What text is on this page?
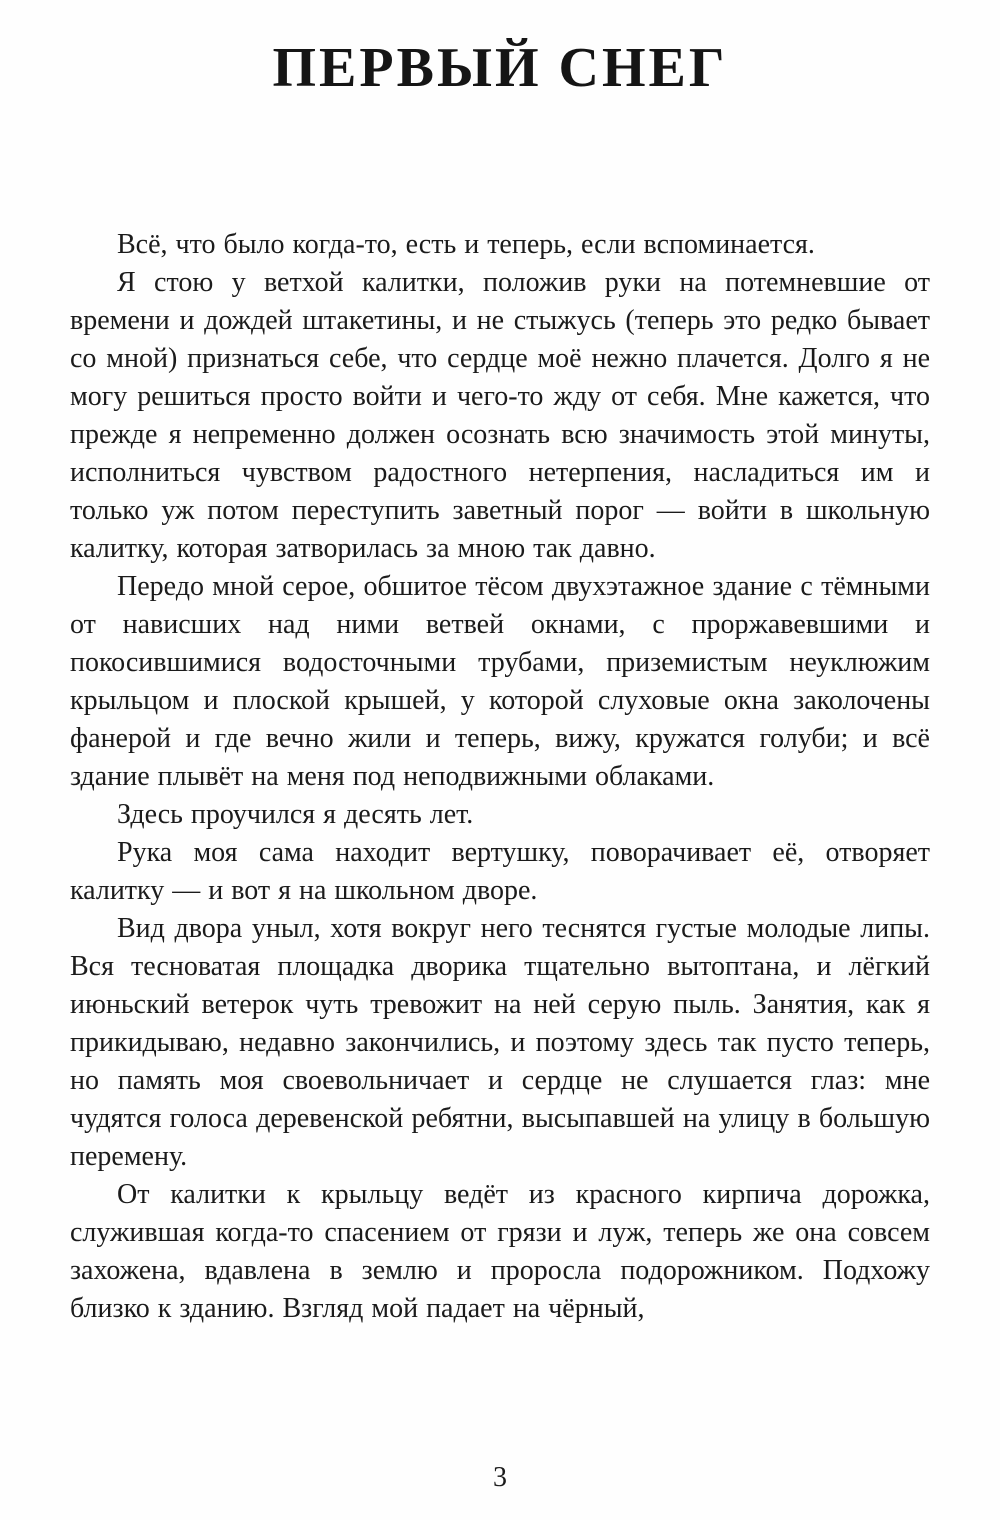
ПЕРВЫЙ СНЕГ

Всё, что было когда-то, есть и теперь, если вспоминается.

Я стою у ветхой калитки, положив руки на потемневшие от времени и дождей штакетины, и не стыжусь (теперь это редко бывает со мной) признаться себе, что сердце моё нежно плачется. Долго я не могу решиться просто войти и чего-то жду от себя. Мне кажется, что прежде я непременно должен осознать всю значимость этой минуты, исполниться чувством радостного нетерпения, насладиться им и только уж потом переступить заветный порог — войти в школьную калитку, которая затворилась за мною так давно.

Передо мной серое, обшитое тёсом двухэтажное здание с тёмными от нависших над ними ветвей окнами, с проржавевшими и покосившимися водосточными трубами, приземистым неуклюжим крыльцом и плоской крышей, у которой слуховые окна заколочены фанерой и где вечно жили и теперь, вижу, кружатся голуби; и всё здание плывёт на меня под неподвижными облаками.

Здесь проучился я десять лет.

Рука моя сама находит вертушку, поворачивает её, отворяет калитку — и вот я на школьном дворе.

Вид двора уныл, хотя вокруг него теснятся густые молодые липы. Вся тесноватая площадка дворика тщательно вытоптана, и лёгкий июньский ветерок чуть тревожит на ней серую пыль. Занятия, как я прикидываю, недавно закончились, и поэтому здесь так пусто теперь, но память моя своевольничает и сердце не слушается глаз: мне чудятся голоса деревенской ребятни, высыпавшей на улицу в большую перемену.

От калитки к крыльцу ведёт из красного кирпича дорожка, служившая когда-то спасением от грязи и луж, теперь же она совсем захожена, вдавлена в землю и проросла подорожником. Подхожу близко к зданию. Взгляд мой падает на чёрный,

3
